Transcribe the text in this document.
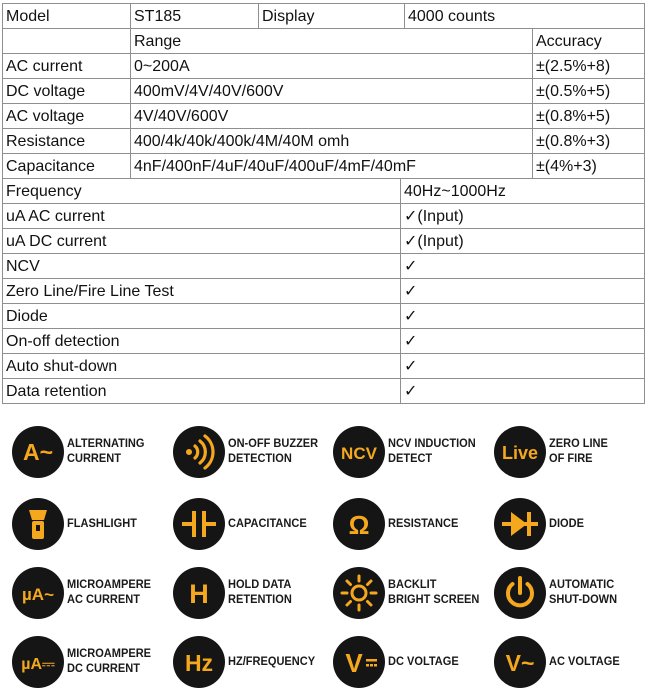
Model	ST185	Display	4000 counts	
	Range			Accuracy
AC current	0~200A			±(2.5%+8)
DC voltage	400mV/4V/40V/600V			±(0.5%+5)
AC voltage	4V/40V/600V			±(0.8%+5)
Resistance	400/4k/40k/400k/4M/40M omh			±(0.8%+3)
Capacitance	4nF/400nF/4uF/40uF/400uF/4mF/40mF			±(4%+3)
Frequency	40Hz~1000Hz
uA AC current	✓(Input)
uA DC current	✓(Input)
NCV	✓
Zero Line/Fire Line Test	✓
Diode	✓
On-off detection	✓
Auto shut-down	✓
Data retention	✓
A~ ALTERNATING
CURRENT
ON-OFF BUZZER
DETECTION	NCV
NCV INDUCTION
DETECT	Live ZERO LINE
OF FIRE
FLASHLIGHT	CAPACITANCE Ω RESISTANCE	DIODE
µA~
MICROAMPERE
AC CURRENT	H HOLD DATA
RETENTION
BACKLIT
BRIGHT SCREEN
AUTOMATIC
SHUT-DOWN
µA⎓
MICROAMPERE
DC CURRENT	Hz HZ/FREQUENCY V DC VOLTAGE V~ AC VOLTAGE
